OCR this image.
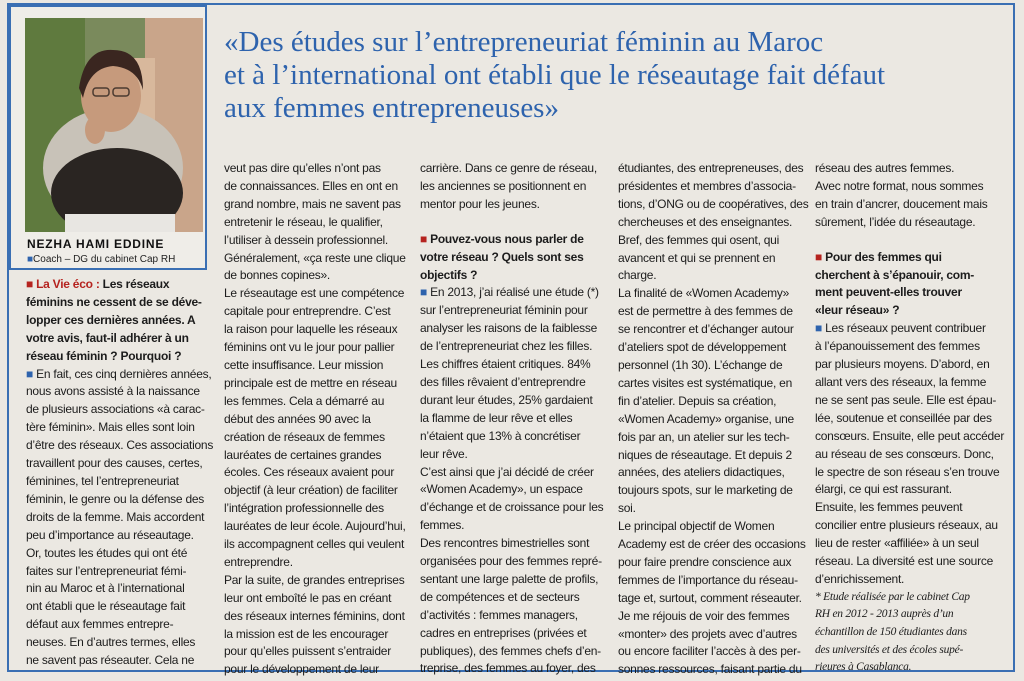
NEZHA HAMI EDDINE
■Coach – DG du cabinet Cap RH
«Des études sur l’entrepreneuriat féminin au Maroc
et à l’international ont établi que le réseautage fait défaut
aux femmes entrepreneuses»
■ La Vie éco : Les réseaux
féminins ne cessent de se déve-
lopper ces dernières années. A
votre avis, faut-il adhérer à un
réseau féminin ? Pourquoi ?
■ En fait, ces cinq dernières années,
nous avons assisté à la naissance
de plusieurs associations «à carac-
tère féminin». Mais elles sont loin
d’être des réseaux. Ces associations
travaillent pour des causes, certes,
féminines, tel l’entrepreneuriat
féminin, le genre ou la défense des
droits de la femme. Mais accordent
peu d’importance au réseautage.
Or, toutes les études qui ont été
faites sur l’entrepreneuriat fémi-
nin au Maroc et à l’international
ont établi que le réseautage fait
défaut aux femmes entrepre-
neuses. En d’autres termes, elles
ne savent pas réseauter. Cela ne
veut pas dire qu’elles n’ont pas
de connaissances. Elles en ont en
grand nombre, mais ne savent pas
entretenir le réseau, le qualifier,
l’utiliser à dessein professionnel.
Généralement, «ça reste une clique
de bonnes copines».
Le réseautage est une compétence
capitale pour entreprendre. C’est
la raison pour laquelle les réseaux
féminins ont vu le jour pour pallier
cette insuffisance. Leur mission
principale est de mettre en réseau
les femmes. Cela a démarré au
début des années 90 avec la
création de réseaux de femmes
lauréates de certaines grandes
écoles. Ces réseaux avaient pour
objectif (à leur création) de faciliter
l’intégration professionnelle des
lauréates de leur école. Aujourd’hui,
ils accompagnent celles qui veulent
entreprendre.
Par la suite, de grandes entreprises
leur ont emboîté le pas en créant
des réseaux internes féminins, dont
la mission est de les encourager
pour qu’elles puissent s’entraider
pour le développement de leur
carrière. Dans ce genre de réseau,
les anciennes se positionnent en
mentor pour les jeunes.
■ Pouvez-vous nous parler de
votre réseau ? Quels sont ses
objectifs ?
■ En 2013, j’ai réalisé une étude (*)
sur l’entrepreneuriat féminin pour
analyser les raisons de la faiblesse
de l’entrepreneuriat chez les filles.
Les chiffres étaient critiques. 84%
des filles rêvaient d’entreprendre
durant leur études, 25% gardaient
la flamme de leur rêve et elles
n’étaient que 13% à concrétiser
leur rêve.
C’est ainsi que j’ai décidé de créer
«Women Academy», un espace
d’échange et de croissance pour les
femmes.
Des rencontres bimestrielles sont
organisées pour des femmes repré-
sentant une large palette de profils,
de compétences et de secteurs
d’activités : femmes managers,
cadres en entreprises (privées et
publiques), des femmes chefs d’en-
treprise, des femmes au foyer, des
étudiantes, des entrepreneuses, des
présidentes et membres d’associa-
tions, d’ONG ou de coopératives, des
chercheuses et des enseignantes.
Bref, des femmes qui osent, qui
avancent et qui se prennent en
charge.
La finalité de «Women Academy»
est de permettre à des femmes de
se rencontrer et d’échanger autour
d’ateliers spot de développement
personnel (1h 30). L’échange de
cartes visites est systématique, en
fin d’atelier. Depuis sa création,
«Women Academy» organise, une
fois par an, un atelier sur les tech-
niques de réseautage. Et depuis 2
années, des ateliers didactiques,
toujours spots, sur le marketing de
soi.
Le principal objectif de Women
Academy est de créer des occasions
pour faire prendre conscience aux
femmes de l’importance du réseau-
tage et, surtout, comment réseauter.
Je me réjouis de voir des femmes
«monter» des projets avec d’autres
ou encore faciliter l’accès à des per-
sonnes ressources, faisant partie du
réseau des autres femmes.
Avec notre format, nous sommes
en train d’ancrer, doucement mais
sûrement, l’idée du réseautage.
■ Pour des femmes qui
cherchent à s’épanouir, com-
ment peuvent-elles trouver
«leur réseau» ?
■ Les réseaux peuvent contribuer
à l’épanouissement des femmes
par plusieurs moyens. D’abord, en
allant vers des réseaux, la femme
ne se sent pas seule. Elle est épau-
lée, soutenue et conseillée par des
consœurs. Ensuite, elle peut accéder
au réseau de ses consœurs. Donc,
le spectre de son réseau s’en trouve
élargi, ce qui est rassurant.
Ensuite, les femmes peuvent
concilier entre plusieurs réseaux, au
lieu de rester «affiliée» à un seul
réseau. La diversité est une source
d’enrichissement.
* Etude réalisée par le cabinet Cap
RH en 2012 - 2013 auprès d’un
échantillon de 150 étudiantes dans
des universités et des écoles supé-
rieures à Casablanca.
